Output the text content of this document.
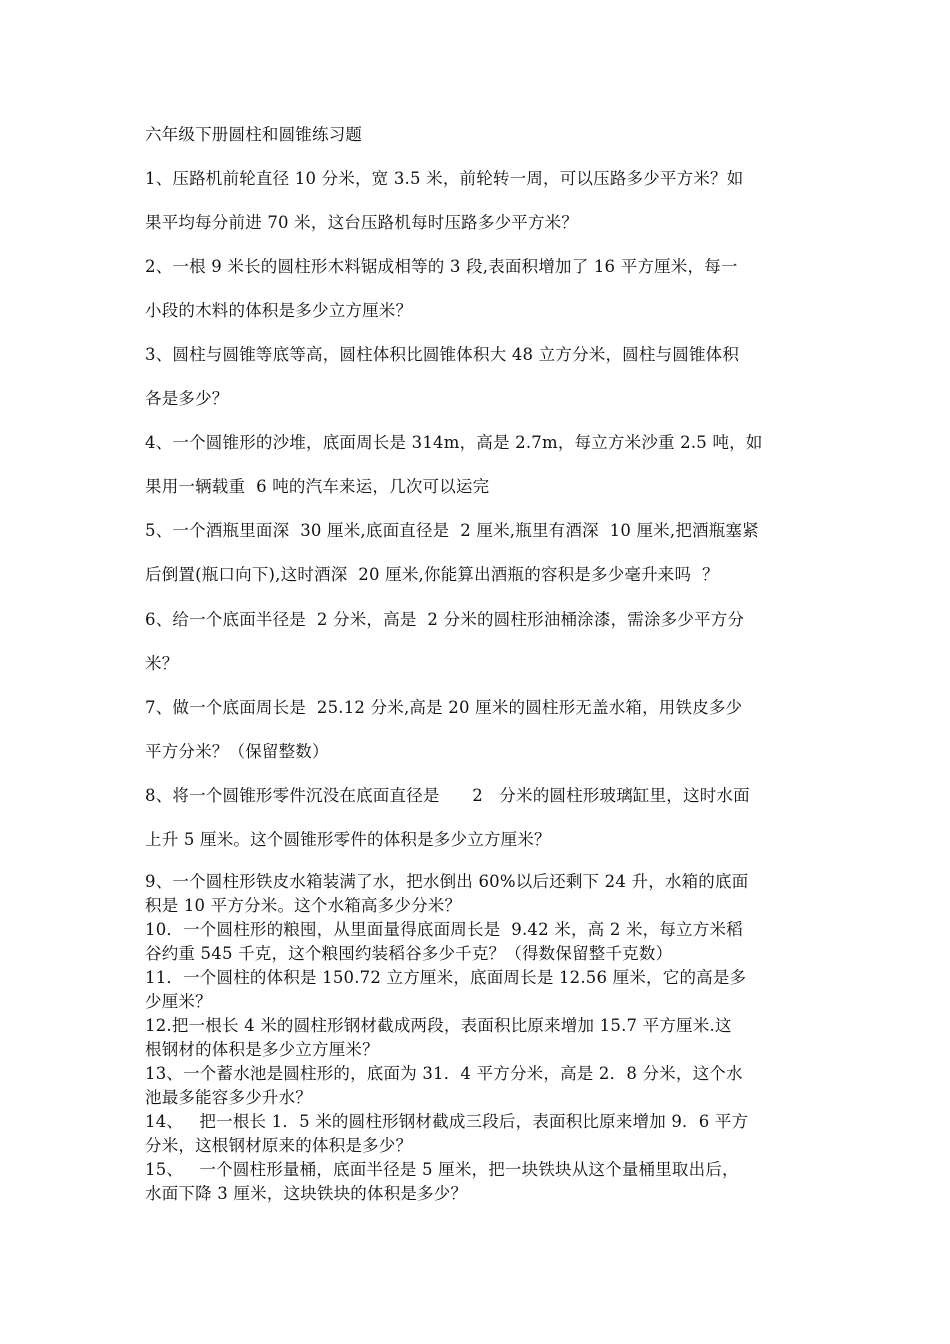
六年级下册圆柱和圆锥练习题
1、压路机前轮直径 10 分米，宽 3.5 米，前轮转一周，可以压路多少平方米？如
果平均每分前进 70 米，这台压路机每时压路多少平方米？
2、一根 9 米长的圆柱形木料锯成相等的 3 段,表面积增加了 16 平方厘米，每一
小段的木料的体积是多少立方厘米？
3、圆柱与圆锥等底等高，圆柱体积比圆锥体积大 48 立方分米，圆柱与圆锥体积
各是多少？
4、一个圆锥形的沙堆，底面周长是 314m，高是 2.7m，每立方米沙重 2.5 吨，如
果用一辆载重  6 吨的汽车来运，几次可以运完
5、一个酒瓶里面深  30 厘米,底面直径是  2 厘米,瓶里有酒深  10 厘米,把酒瓶塞紧
后倒置(瓶口向下),这时酒深  20 厘米,你能算出酒瓶的容积是多少毫升来吗  ？
6、给一个底面半径是  2 分米，高是  2 分米的圆柱形油桶涂漆，需涂多少平方分
米？
7、做一个底面周长是  25.12 分米,高是 20 厘米的圆柱形无盖水箱，用铁皮多少
平方分米？（保留整数）
8、将一个圆锥形零件沉没在底面直径是      2   分米的圆柱形玻璃缸里，这时水面
上升 5 厘米。这个圆锥形零件的体积是多少立方厘米？
9、一个圆柱形铁皮水箱装满了水，把水倒出 60%以后还剩下 24 升，水箱的底面
积是 10 平方分米。这个水箱高多少分米？
10．一个圆柱形的粮囤，从里面量得底面周长是  9.42 米，高 2 米，每立方米稻
谷约重 545 千克，这个粮囤约装稻谷多少千克？（得数保留整千克数）
11．一个圆柱的体积是 150.72 立方厘米，底面周长是 12.56 厘米，它的高是多
少厘米？
12.把一根长 4 米的圆柱形钢材截成两段，表面积比原来增加 15.7 平方厘米.这
根钢材的体积是多少立方厘米？
13、一个蓄水池是圆柱形的，底面为 31．4 平方分米，高是 2．8 分米，这个水
池最多能容多少升水？
14、   把一根长 1．5 米的圆柱形钢材截成三段后，表面积比原来增加 9．6 平方
分米，这根钢材原来的体积是多少？
15、   一个圆柱形量桶，底面半径是 5 厘米，把一块铁块从这个量桶里取出后，
水面下降 3 厘米，这块铁块的体积是多少？
